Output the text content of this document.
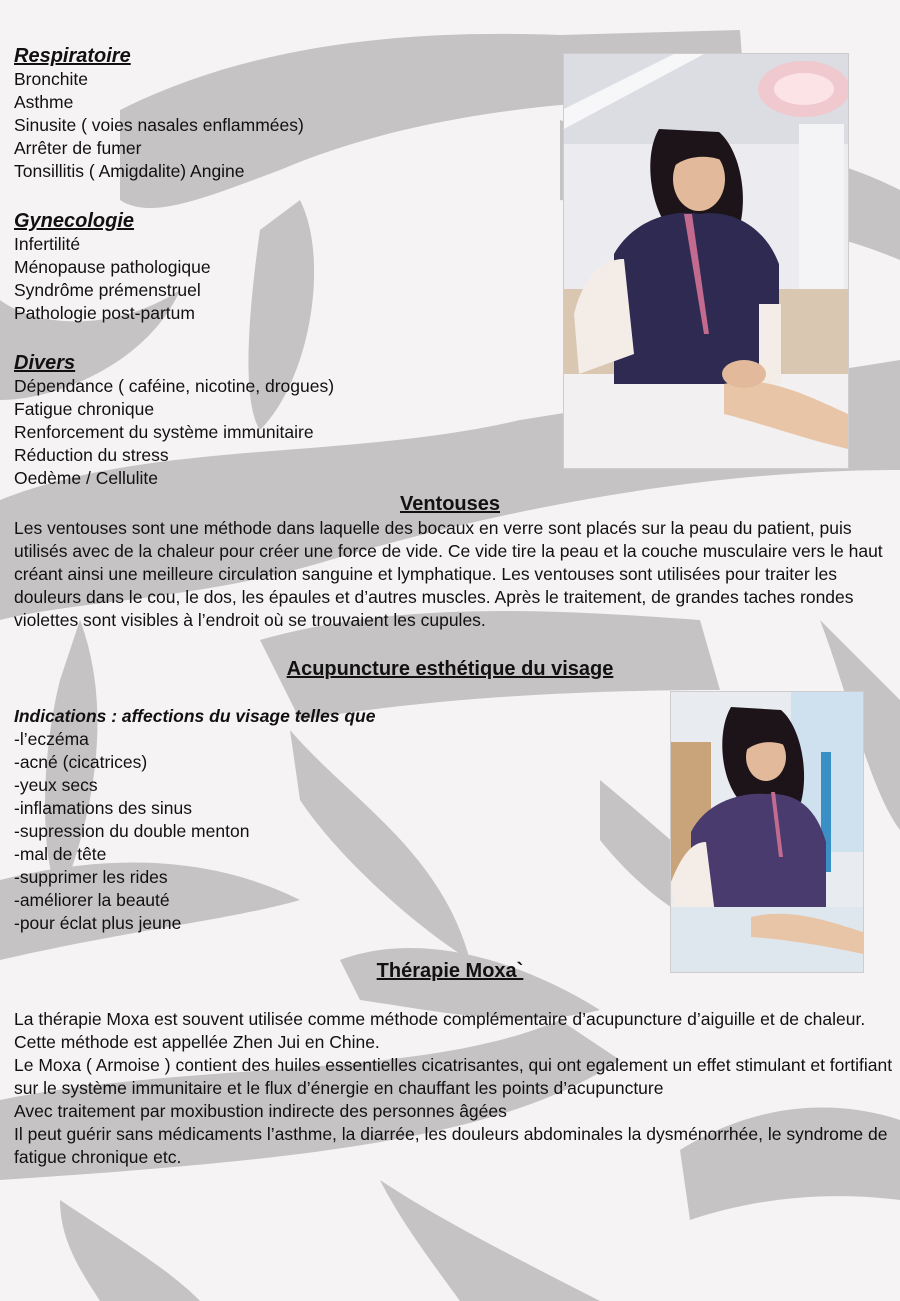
Respiratoire
Bronchite
Asthme
Sinusite ( voies nasales enflammées)
Arrêter de fumer
Tonsillitis ( Amigdalite) Angine
Gynecologie
Infertilité
Ménopause pathologique
Syndrôme prémenstruel
Pathologie post-partum
Divers
Dépendance ( caféine, nicotine, drogues)
Fatigue chronique
Renforcement du système immunitaire
Réduction du stress
Oedème / Cellulite
Ventouses
Les ventouses sont une méthode dans laquelle des bocaux en verre sont placés sur la peau du patient, puis utilisés avec de la chaleur pour créer une force de vide. Ce vide tire la peau et la couche musculaire vers le haut créant ainsi une meilleure circulation sanguine et lymphatique. Les ventouses sont utilisées pour traiter les douleurs dans le cou, le dos, les épaules et d’autres muscles. Après le traitement, de grandes taches rondes violettes sont visibles à l’endroit où se trouvaient les cupules.
Acupuncture esthétique du visage
Indications : affections du visage telles que
-l’eczéma
-acné (cicatrices)
-yeux secs
-inflamations des sinus
-supression du double menton
-mal de tête
-supprimer les rides
-améliorer la beauté
-pour éclat plus jeune
Thérapie Moxa`
La thérapie Moxa est souvent utilisée comme méthode complémentaire d’acupuncture d’aiguille et de chaleur.
Cette méthode est appellée Zhen Jui en Chine.
Le Moxa ( Armoise ) contient des huiles essentielles cicatrisantes, qui ont egalement un effet stimulant et fortifiant sur le système immunitaire et le flux d’énergie en chauffant les points d’acupuncture
Avec traitement par moxibustion indirecte des personnes âgées
Il peut guérir sans médicaments l’asthme, la diarrée, les douleurs abdominales la dysménorrhée, le syndrome de fatigue chronique etc.
